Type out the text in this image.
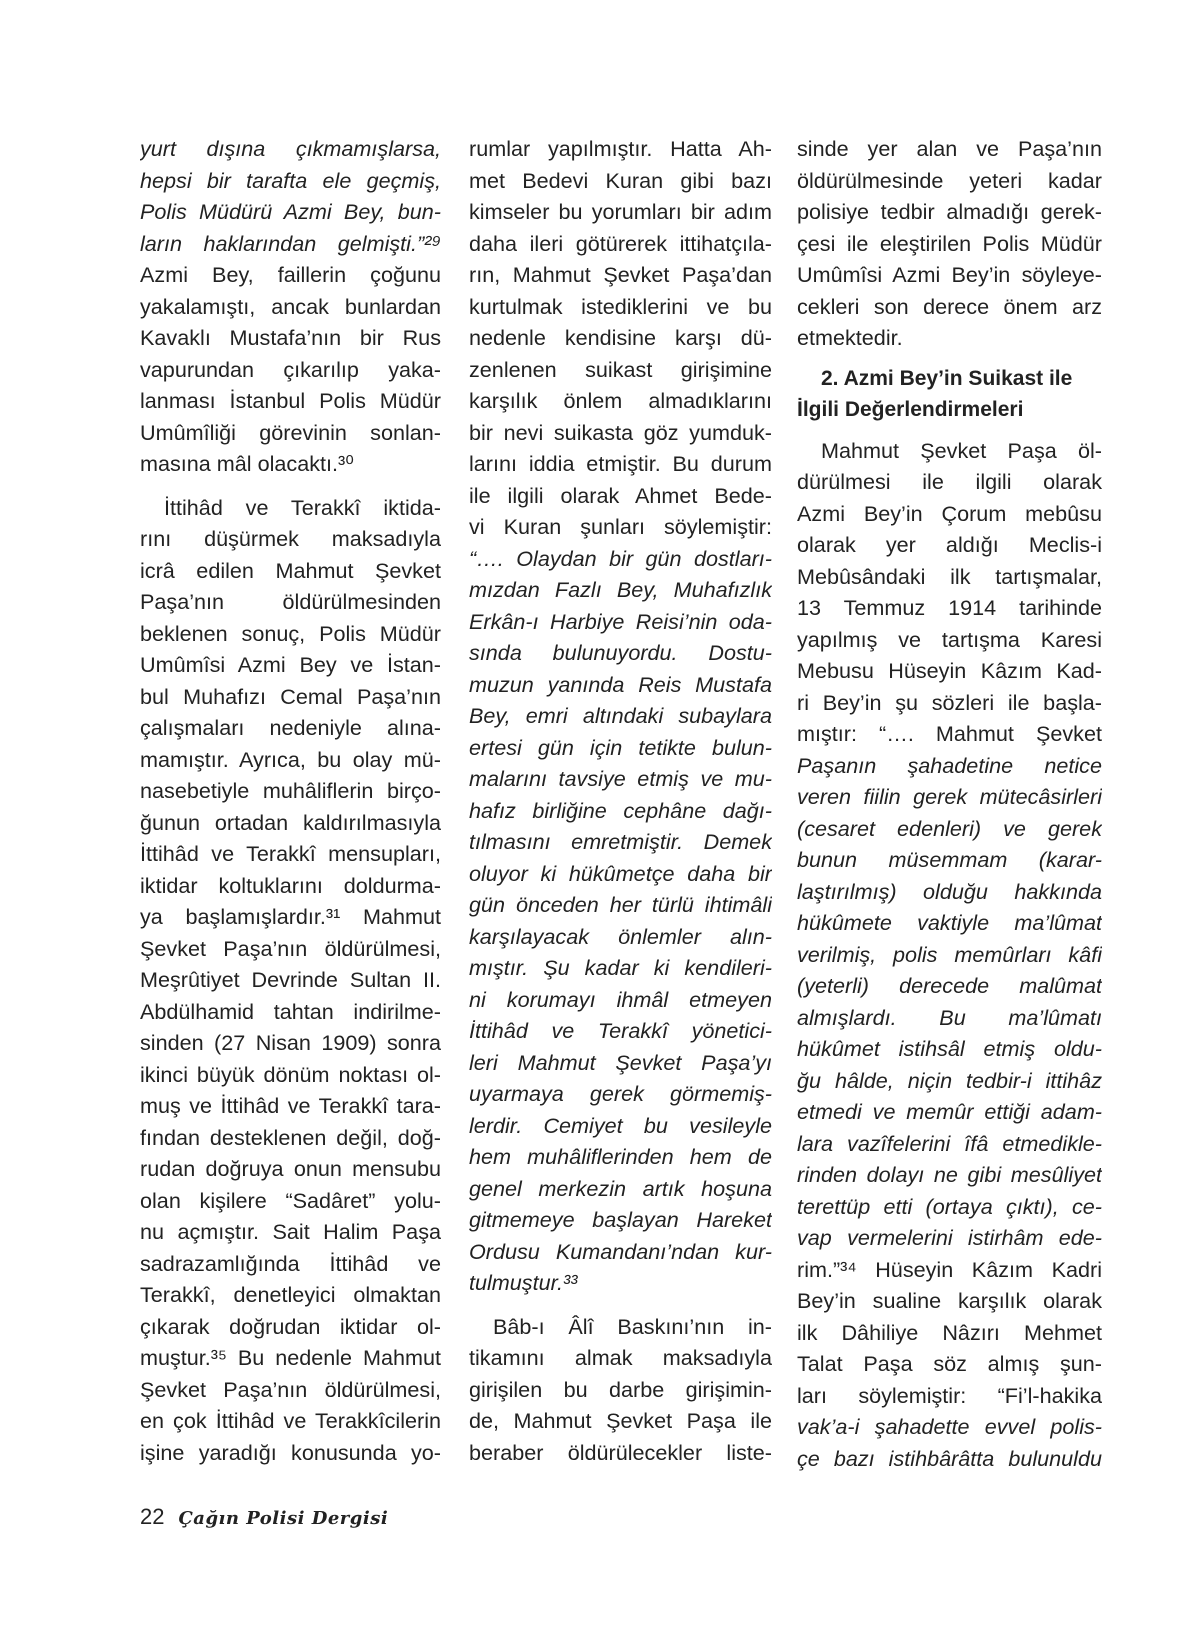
yurt dışına çıkmamışlarsa,
hepsi bir tarafta ele geçmiş,
Polis Müdürü Azmi Bey, bun-
ların haklarından gelmişti.”²⁹
Azmi Bey, faillerin çoğunu
yakalamıştı, ancak bunlardan
Kavaklı Mustafa’nın bir Rus
vapurundan çıkarılıp yaka-
lanması İstanbul Polis Müdür
Umûmîliği görevinin sonlan-
masına mâl olacaktı.³⁰
İttihâd ve Terakkî iktida-
rını düşürmek maksadıyla
icrâ edilen Mahmut Şevket
Paşa’nın öldürülmesinden
beklenen sonuç, Polis Müdür
Umûmîsi Azmi Bey ve İstan-
bul Muhafızı Cemal Paşa’nın
çalışmaları nedeniyle alına-
mamıştır. Ayrıca, bu olay mü-
nasebetiyle muhâliflerin birço-
ğunun ortadan kaldırılmasıyla
İttihâd ve Terakkî mensupları,
iktidar koltuklarını doldurma-
ya başlamışlardır.³¹ Mahmut
Şevket Paşa’nın öldürülmesi,
Meşrûtiyet Devrinde Sultan II.
Abdülhamid tahtan indirilme-
sinden (27 Nisan 1909) sonra
ikinci büyük dönüm noktası ol-
muş ve İttihâd ve Terakkî tara-
fından desteklenen değil, doğ-
rudan doğruya onun mensubu
olan kişilere “Sadâret” yolu-
nu açmıştır. Sait Halim Paşa
sadrazamlığında İttihâd ve
Terakkî, denetleyici olmaktan
çıkarak doğrudan iktidar ol-
muştur.³⁵ Bu nedenle Mahmut
Şevket Paşa’nın öldürülmesi,
en çok İttihâd ve Terakkîcilerin
işine yaradığı konusunda yo-
rumlar yapılmıştır. Hatta Ah-
met Bedevi Kuran gibi bazı
kimseler bu yorumları bir adım
daha ileri götürerek ittihatçıla-
rın, Mahmut Şevket Paşa’dan
kurtulmak istediklerini ve bu
nedenle kendisine karşı dü-
zenlenen suikast girişimine
karşılık önlem almadıklarını
bir nevi suikasta göz yumduk-
larını iddia etmiştir. Bu durum
ile ilgili olarak Ahmet Bede-
vi Kuran şunları söylemiştir:
“…. Olaydan bir gün dostları-
mızdan Fazlı Bey, Muhafızlık
Erkân-ı Harbiye Reisi’nin oda-
sında bulunuyordu. Dostu-
muzun yanında Reis Mustafa
Bey, emri altındaki subaylara
ertesi gün için tetikte bulun-
malarını tavsiye etmiş ve mu-
hafız birliğine cephâne dağı-
tılmasını emretmiştir. Demek
oluyor ki hükûmetçe daha bir
gün önceden her türlü ihtimâli
karşılayacak önlemler alın-
mıştır. Şu kadar ki kendileri-
ni korumayı ihmâl etmeyen
İttihâd ve Terakkî yönetici-
leri Mahmut Şevket Paşa’yı
uyarmaya gerek görmemiş-
lerdir. Cemiyet bu vesileyle
hem muhâliflerinden hem de
genel merkezin artık hoşuna
gitmemeye başlayan Hareket
Ordusu Kumandanı’ndan kur-
tulmuştur.³³
Bâb-ı Âlî Baskını’nın in-
tikamını almak maksadıyla
girişilen bu darbe girişimin-
de, Mahmut Şevket Paşa ile
beraber öldürülecekler liste-
sinde yer alan ve Paşa’nın
öldürülmesinde yeteri kadar
polisiye tedbir almadığı gerek-
çesi ile eleştirilen Polis Müdür
Umûmîsi Azmi Bey’in söyleye-
cekleri son derece önem arz
etmektedir.
2. Azmi Bey’in Suikast ile
İlgili Değerlendirmeleri
Mahmut Şevket Paşa öl-
dürülmesi ile ilgili olarak
Azmi Bey’in Çorum mebûsu
olarak yer aldığı Meclis-i
Mebûsândaki ilk tartışmalar,
13 Temmuz 1914 tarihinde
yapılmış ve tartışma Karesi
Mebusu Hüseyin Kâzım Kad-
ri Bey’in şu sözleri ile başla-
mıştır: “…. Mahmut Şevket
Paşanın şahadetine netice
veren fiilin gerek mütecâsirleri
(cesaret edenleri) ve gerek
bunun müsemmam (karar-
laştırılmış) olduğu hakkında
hükûmete vaktiyle ma’lûmat
verilmiş, polis memûrları kâfi
(yeterli) derecede malûmat
almışlardı. Bu ma’lûmatı
hükûmet istihsâl etmiş oldu-
ğu hâlde, niçin tedbir-i ittihâz
etmedi ve memûr ettiği adam-
lara vazîfelerini îfâ etmedikle-
rinden dolayı ne gibi mesûliyet
terettüp etti (ortaya çıktı), ce-
vap vermelerini istirhâm ede-
rim.”³⁴ Hüseyin Kâzım Kadri
Bey’in sualine karşılık olarak
ilk Dâhiliye Nâzırı Mehmet
Talat Paşa söz almış şun-
ları söylemiştir: “Fi’l-hakika
vak’a-i şahadette evvel polis-
çe bazı istihbârâtta bulunuldu
22 Çağın Polisi Dergisi
